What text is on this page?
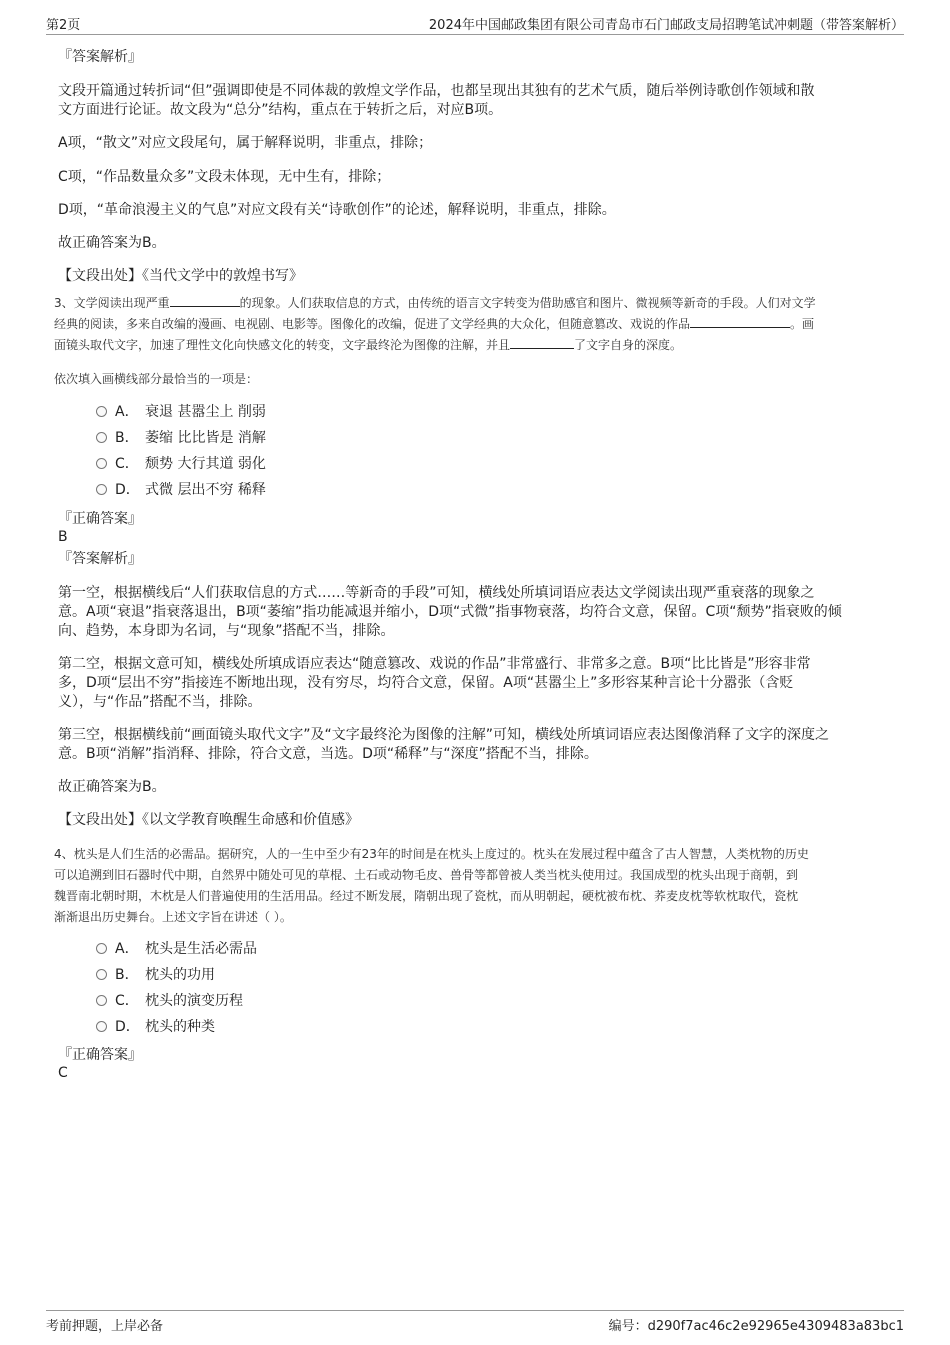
第2页	2024年中国邮政集团有限公司青岛市石门邮政支局招聘笔试冲刺题（带答案解析）
『答案解析』
文段开篇通过转折词“但”强调即使是不同体裁的敦煌文学作品，也都呈现出其独有的艺术气质，随后举例诗歌创作领域和散
文方面进行论证。故文段为“总分”结构，重点在于转折之后，对应B项。
A项，“散文”对应文段尾句，属于解释说明，非重点，排除；
C项，“作品数量众多”文段未体现，无中生有，排除；
D项，“革命浪漫主义的气息”对应文段有关“诗歌创作”的论述，解释说明，非重点，排除。
故正确答案为B。
【文段出处】《当代文学中的敦煌书写》
3、文学阅读出现严重	的现象。人们获取信息的方式，由传统的语言文字转变为借助感官和图片、微视频等新奇的手段。人们对文学
经典的阅读，多来自改编的漫画、电视剧、电影等。图像化的改编，促进了文学经典的大众化，但随意篡改、戏说的作品	。画
面镜头取代文字，加速了理性文化向快感文化的转变，文字最终沦为图像的注解，并且	了文字自身的深度。
依次填入画横线部分最恰当的一项是：
A． 衰退 甚嚣尘上 削弱
B． 萎缩 比比皆是 消解
C． 颓势 大行其道 弱化
D． 式微 层出不穷 稀释
『正确答案』
B
『答案解析』
第一空，根据横线后“人们获取信息的方式……等新奇的手段”可知，横线处所填词语应表达文学阅读出现严重衰落的现象之
意。A项“衰退”指衰落退出，B项“萎缩”指功能减退并缩小，D项“式微”指事物衰落，均符合文意，保留。C项“颓势”指衰败的倾
向、趋势，本身即为名词，与“现象”搭配不当，排除。
第二空，根据文意可知，横线处所填成语应表达“随意篡改、戏说的作品”非常盛行、非常多之意。B项“比比皆是”形容非常
多，D项“层出不穷”指接连不断地出现，没有穷尽，均符合文意，保留。A项“甚嚣尘上”多形容某种言论十分嚣张（含贬
义），与“作品”搭配不当，排除。
第三空，根据横线前“画面镜头取代文字”及“文字最终沦为图像的注解”可知，横线处所填词语应表达图像消释了文字的深度之
意。B项“消解”指消释、排除，符合文意，当选。D项“稀释”与“深度”搭配不当，排除。
故正确答案为B。
【文段出处】《以文学教育唤醒生命感和价值感》
4、枕头是人们生活的必需品。据研究，人的一生中至少有23年的时间是在枕头上度过的。枕头在发展过程中蕴含了古人智慧，人类枕物的历史
可以追溯到旧石器时代中期，自然界中随处可见的草棍、土石或动物毛皮、兽骨等都曾被人类当枕头使用过。我国成型的枕头出现于商朝，到
魏晋南北朝时期，木枕是人们普遍使用的生活用品。经过不断发展，隋朝出现了瓷枕，而从明朝起，硬枕被布枕、荞麦皮枕等软枕取代，瓷枕
渐渐退出历史舞台。上述文字旨在讲述（ ）。
A． 枕头是生活必需品
B． 枕头的功用
C． 枕头的演变历程
D． 枕头的种类
『正确答案』
C
考前押题，上岸必备	编号：d290f7ac46c2e92965e4309483a83bc1
